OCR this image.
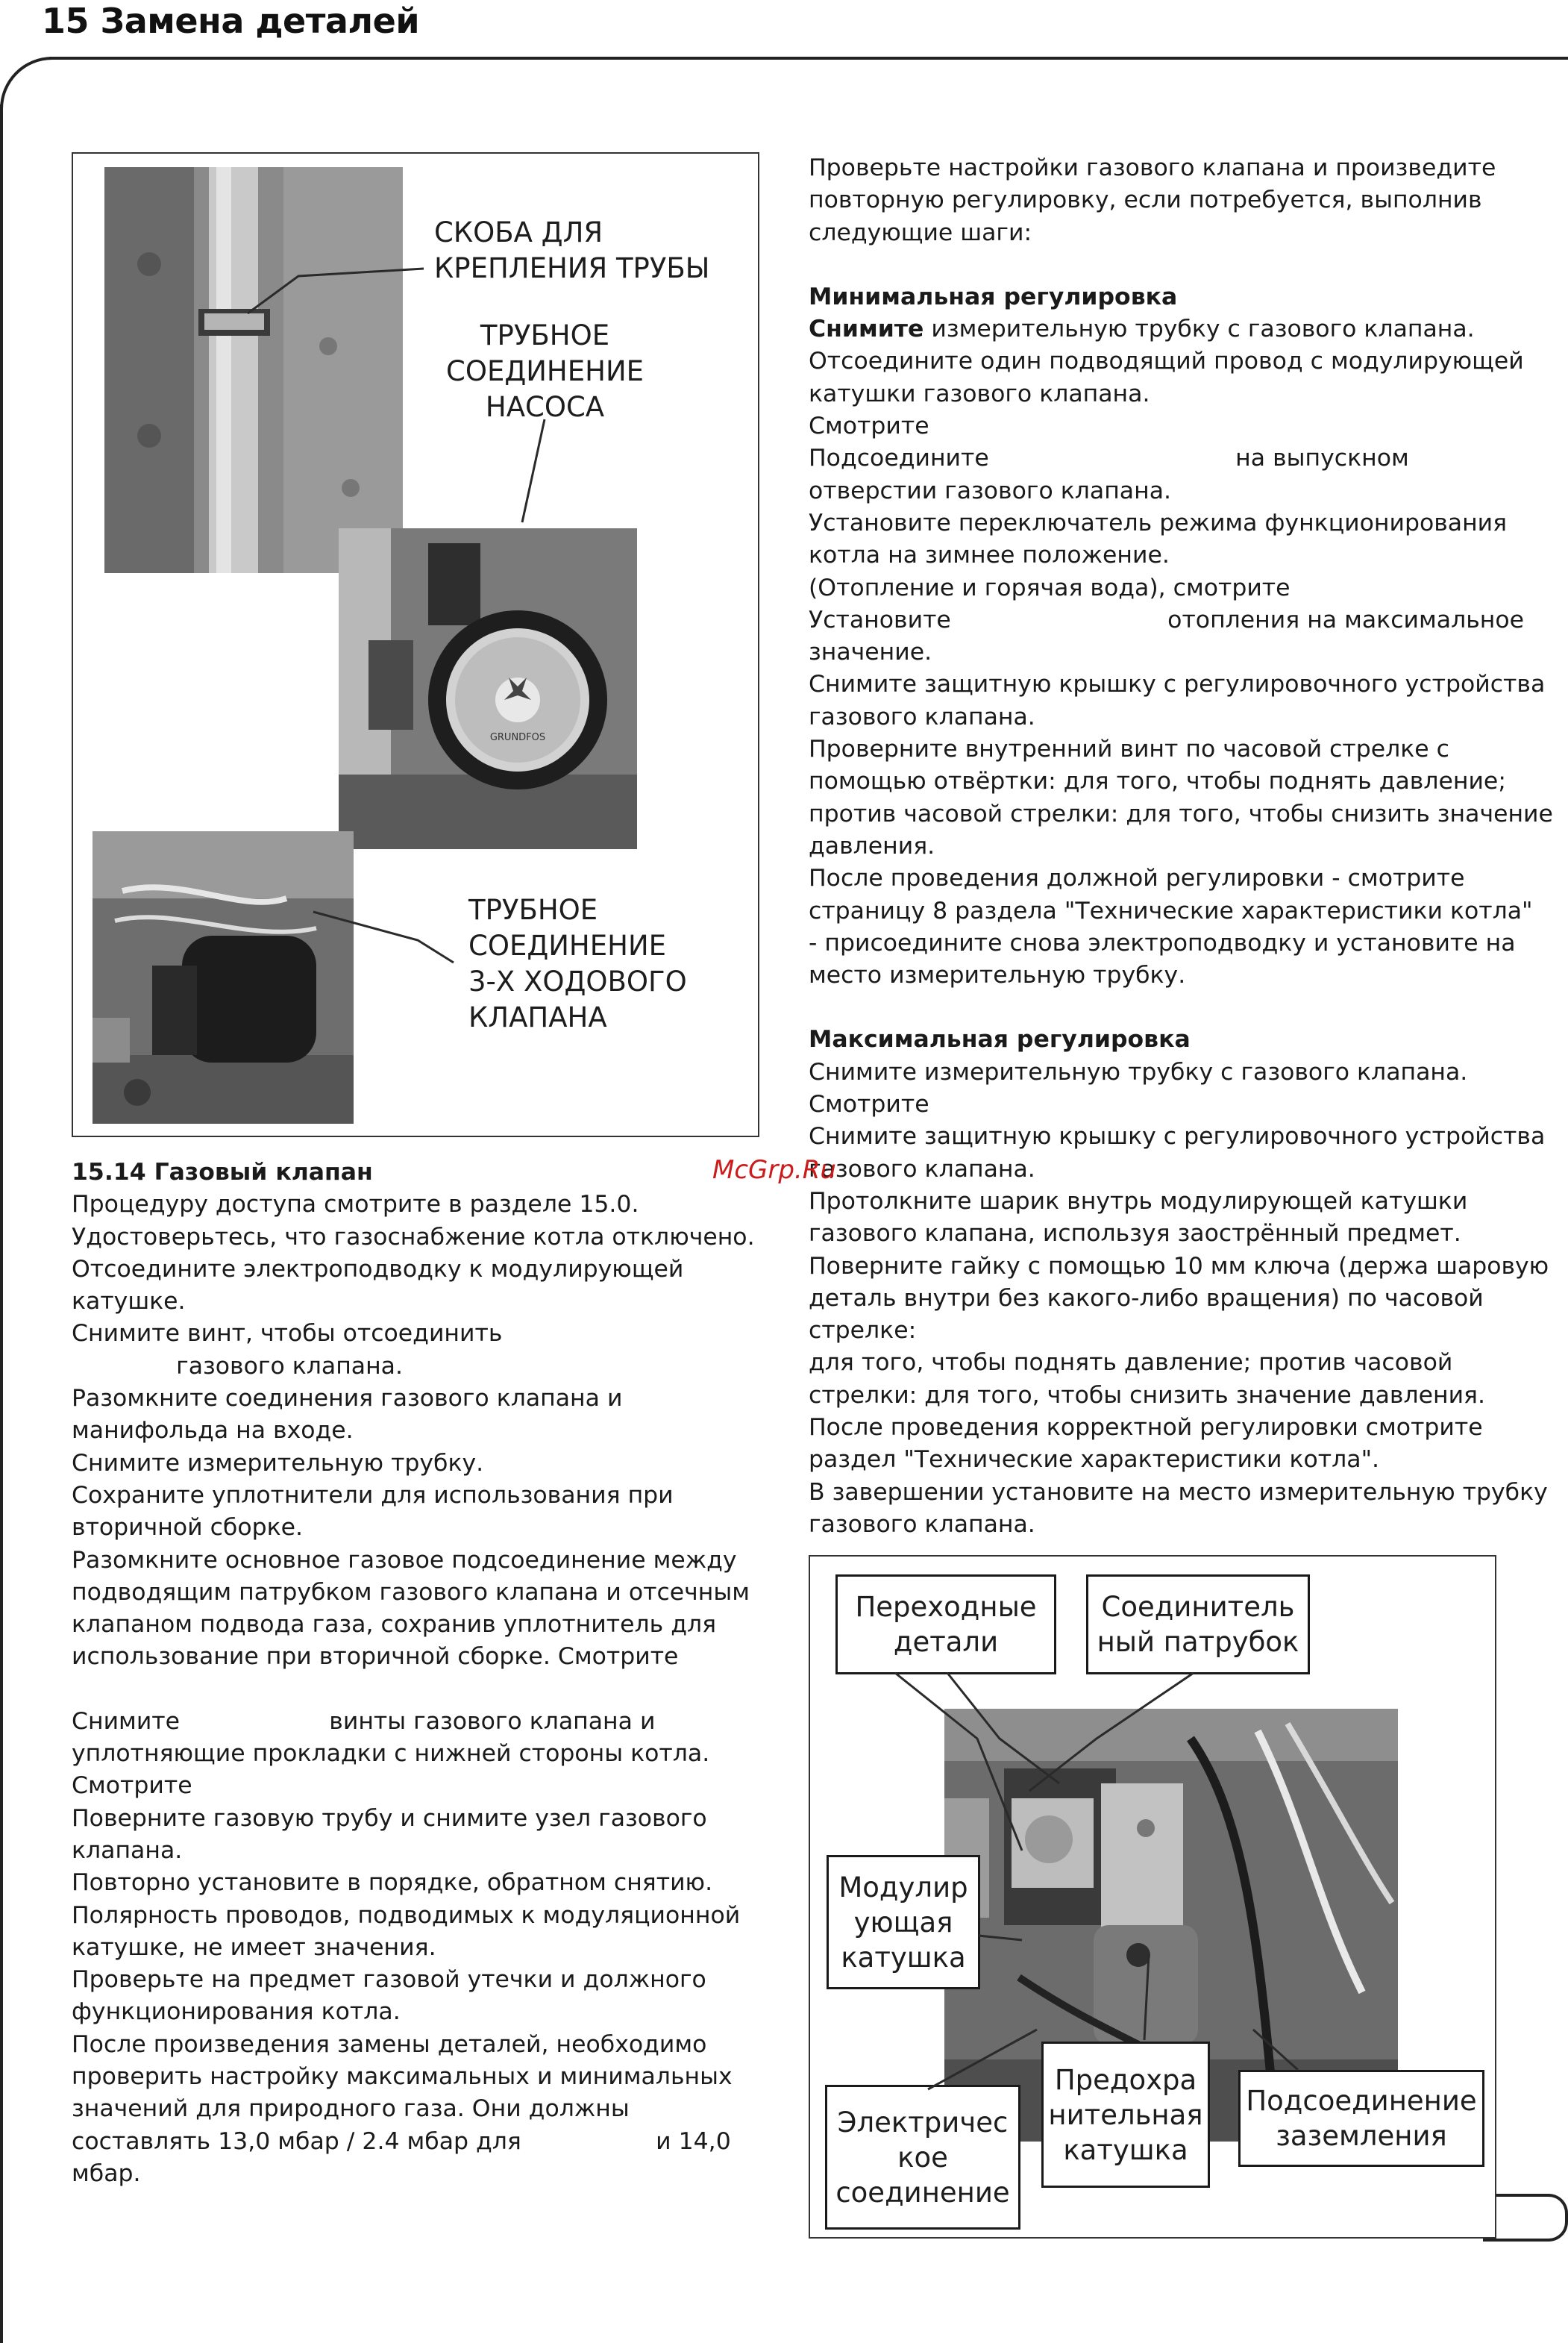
15 Замена деталей
GRUNDFOS
СКОБА ДЛЯ
КРЕПЛЕНИЯ ТРУБЫ
ТРУБНОЕ
СОЕДИНЕНИЕ
НАСОСА
ТРУБНОЕ
СОЕДИНЕНИЕ
3-Х ХОДОВОГО
КЛАПАНА

15.14 Газовый клапан

Процедуру доступа смотрите в разделе 15.0.

Удостоверьтесь, что газоснабжение котла отключено.

Отсоедините электроподводку к модулирующей

катушке.

Снимите винт, чтобы отсоединить

газового клапана.

Разомкните соединения газового клапана и

манифольда на входе.

Снимите измерительную трубку.

Сохраните уплотнители для использования при

вторичной сборке.

Разомкните основное газовое подсоединение между

подводящим патрубком газового клапана и отсечным

клапаном подвода газа, сохранив уплотнитель для

использование при вторичной сборке. Смотрите

Снимите                    винты газового клапана и

уплотняющие прокладки с нижней стороны котла.

Смотрите

Поверните газовую трубу и снимите узел газового

клапана.

Повторно установите в порядке, обратном снятию.

Полярность проводов, подводимых к модуляционной

катушке, не имеет значения.

Проверьте на предмет газовой утечки и должного

функционирования котла.

После произведения замены деталей, необходимо

проверить настройку максимальных и минимальных

значений для природного газа. Они должны

составлять 13,0 мбар / 2.4 мбар для                  и 14,0

мбар.

Проверьте настройки газового клапана и произведите

повторную регулировку, если потребуется, выполнив

следующие шаги:

Минимальная регулировка

Снимите измерительную трубку с газового клапана.

Отсоедините один подводящий провод с модулирующей

катушки газового клапана.

Смотрите

Подсоедините                                 на выпускном

отверстии газового клапана.

Установите переключатель режима функционирования

котла на зимнее положение.

(Отопление и горячая вода), смотрите

Установите                             отопления на максимальное

значение.

Снимите защитную крышку с регулировочного устройства

газового клапана.

Проверните внутренний винт по часовой стрелке с

помощью отвёртки: для того, чтобы поднять давление;

против часовой стрелки: для того, чтобы снизить значение

давления.

После проведения должной регулировки - смотрите

страницу 8 раздела "Технические характеристики котла"

- присоедините снова электроподводку и установите на

место измерительную трубку.

Максимальная регулировка

Снимите измерительную трубку с газового клапана.

Смотрите

Снимите защитную крышку с регулировочного устройства

газового клапана.

Протолкните шарик внутрь модулирующей катушки

газового клапана, используя заострённый предмет.

Поверните гайку с помощью 10 мм ключа (держа шаровую

деталь внутри без какого-либо вращения) по часовой

стрелке:

для того, чтобы поднять давление; против часовой

стрелки: для того, чтобы снизить значение давления.

После проведения корректной регулировки смотрите

раздел "Технические характеристики котла".

В завершении установите на место измерительную трубку

газового клапана.

Переходные
детали
Соединитель
ный патрубок
Модулир
ующая
катушка
Предохра
нительная
катушка
Электричес
кое
соединение
Подсоединение
заземления
McGrp.Ru
